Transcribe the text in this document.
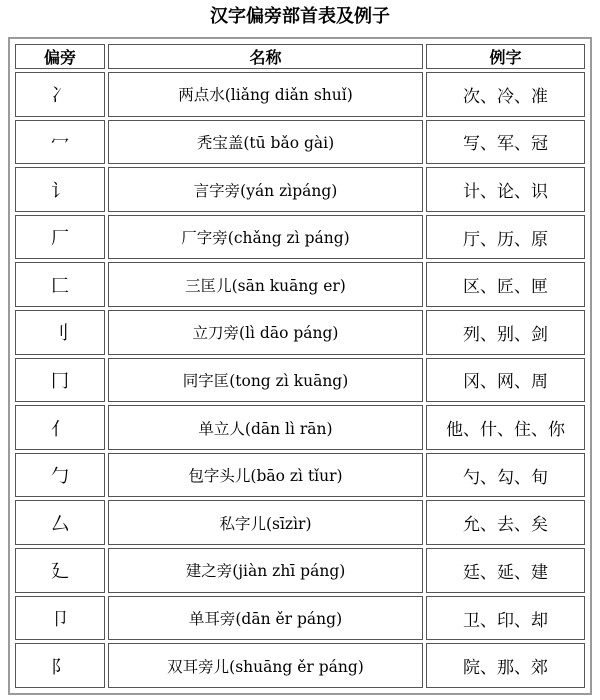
汉字偏旁部首表及例子
偏旁	名称	例字
冫	两点水(liǎng diǎn shuǐ)	次、冷、准
冖	秃宝盖(tū bǎo gài)	写、军、冠
讠	言字旁(yán zìpáng)	计、论、识
厂	厂字旁(chǎng zì páng)	厅、历、原
匚	三匡儿(sān kuāng er)	区、匠、匣
刂	立刀旁(lì dāo páng)	列、别、剑
冂	同字匡(tong zì kuāng)	冈、网、周
亻	单立人(dān lì rān)	他、什、住、你
勹	包字头儿(bāo zì tǐur)	勺、勾、旬
厶	私字儿(sīzìr)	允、去、矣
廴	建之旁(jiàn zhī páng)	廷、延、建
卩	单耳旁(dān ěr páng)	卫、印、却
阝	双耳旁儿(shuāng ěr páng)	院、那、郊
